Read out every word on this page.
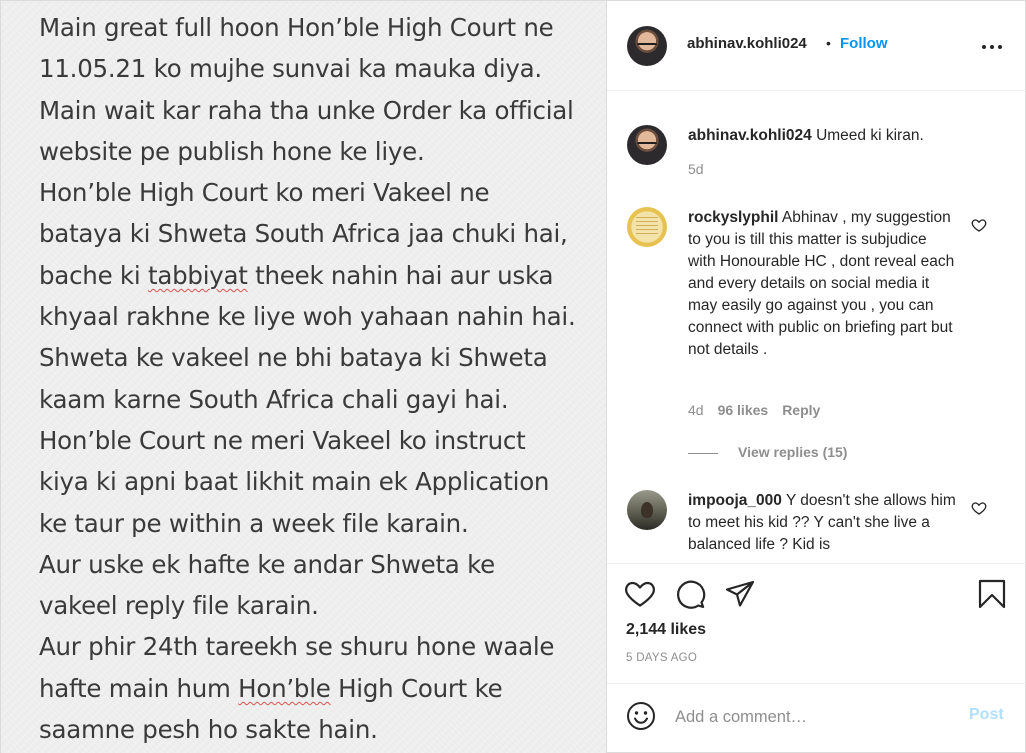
Main great full hoon Hon’ble High Court ne
11.05.21 ko mujhe sunvai ka mauka diya.
Main wait kar raha tha unke Order ka official
website pe publish hone ke liye.
Hon’ble High Court ko meri Vakeel ne
bataya ki Shweta South Africa jaa chuki hai,
bache ki tabbiyat theek nahin hai aur uska
khyaal rakhne ke liye woh yahaan nahin hai.
Shweta ke vakeel ne bhi bataya ki Shweta
kaam karne South Africa chali gayi hai.
Hon’ble Court ne meri Vakeel ko instruct
kiya ki apni baat likhit main ek Application
ke taur pe within a week file karain.
Aur uske ek hafte ke andar Shweta ke
vakeel reply file karain.
Aur phir 24th tareekh se shuru hone waale
hafte main hum Hon’ble High Court ke
saamne pesh ho sakte hain.
abhinav.kohli024 • Follow
abhinav.kohli024 Umeed ki kiran.
5d
rockyslyphil Abhinav , my suggestion to you is till this matter is subjudice with Honourable HC , dont reveal each and every details on social media it may easily go against you , you can connect with public on briefing part but not details .
4d 96 likes Reply
View replies (15)
impooja_000 Y doesn't she allows him to meet his kid ?? Y can't she live a balanced life ? Kid is
2,144 likes
5 DAYS AGO
Add a comment…
Post
